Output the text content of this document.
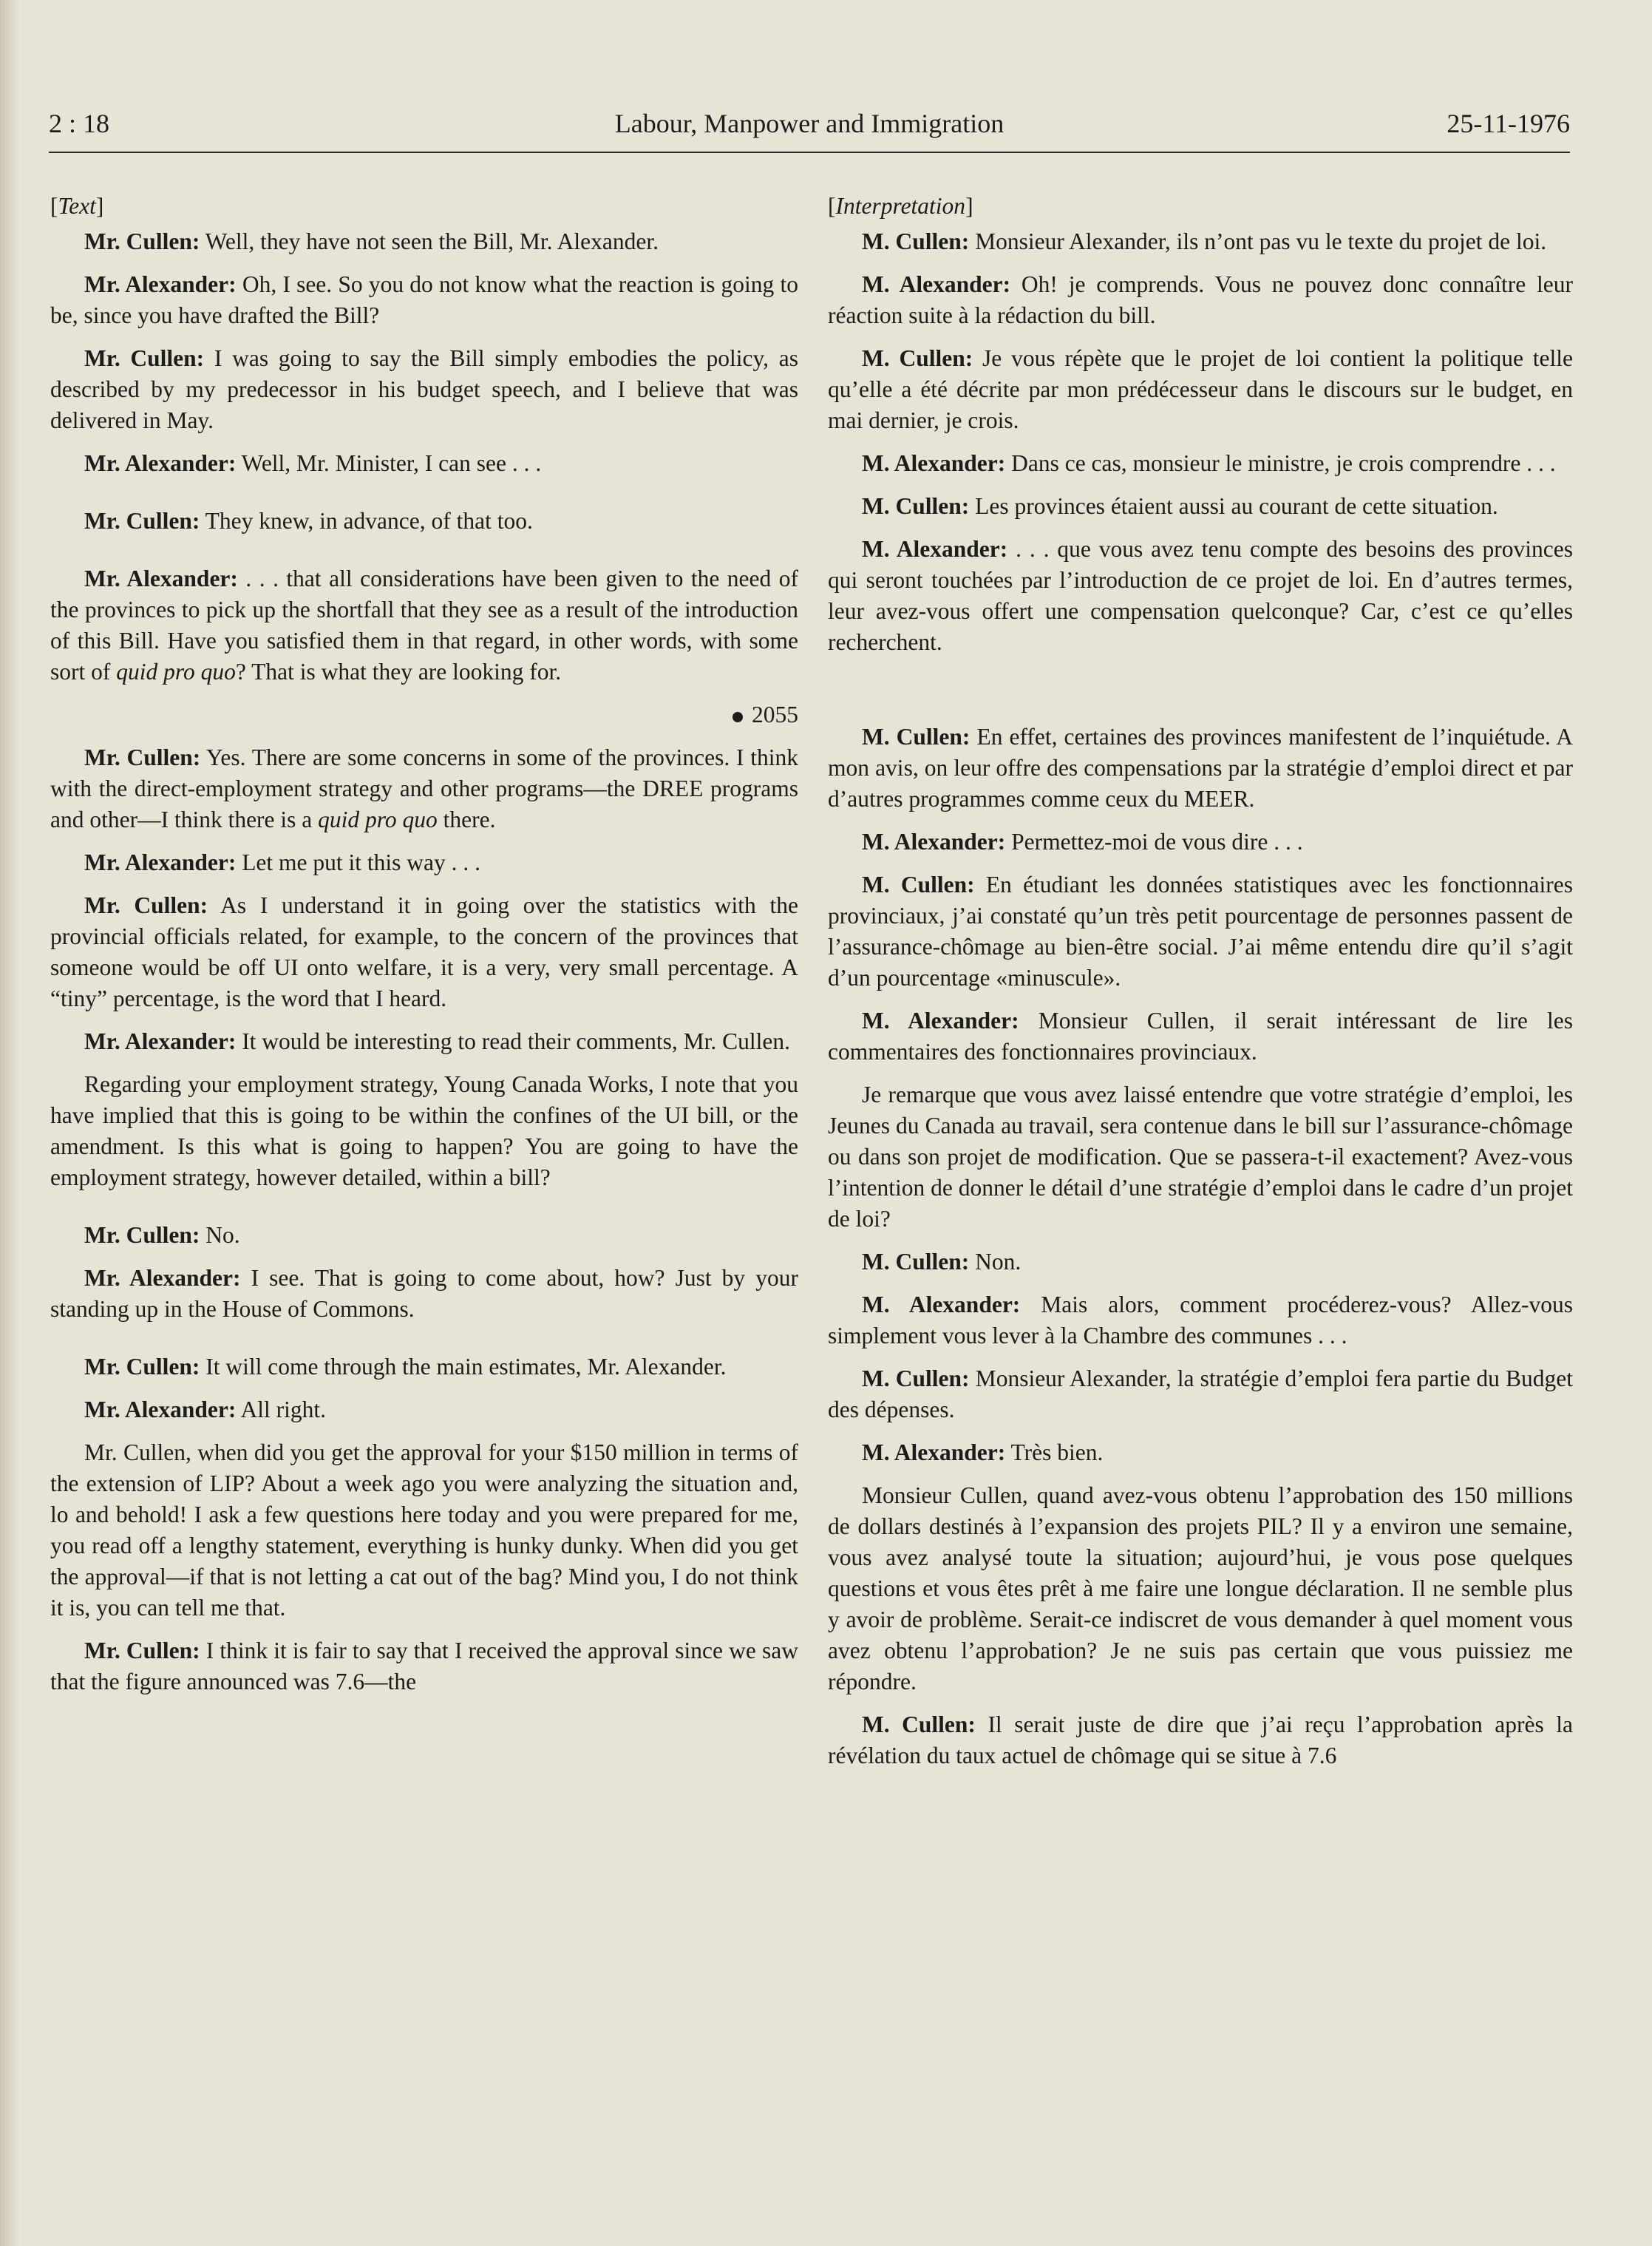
Labour, Manpower and Immigration
2 : 18	25-11-1976

[Text]

Mr. Cullen: Well, they have not seen the Bill, Mr. Alexander.

Mr. Alexander: Oh, I see. So you do not know what the reaction is going to be, since you have drafted the Bill?

Mr. Cullen: I was going to say the Bill simply embodies the policy, as described by my predecessor in his budget speech, and I believe that was delivered in May.

Mr. Alexander: Well, Mr. Minister, I can see . . .

Mr. Cullen: They knew, in advance, of that too.

Mr. Alexander: . . . that all considerations have been given to the need of the provinces to pick up the shortfall that they see as a result of the introduction of this Bill. Have you satisfied them in that regard, in other words, with some sort of quid pro quo? That is what they are looking for.

2055

Mr. Cullen: Yes. There are some concerns in some of the provinces. I think with the direct-employment strategy and other programs—the DREE programs and other—I think there is a quid pro quo there.

Mr. Alexander: Let me put it this way . . .

Mr. Cullen: As I understand it in going over the statistics with the provincial officials related, for example, to the concern of the provinces that someone would be off UI onto welfare, it is a very, very small percentage. A “tiny” percentage, is the word that I heard.

Mr. Alexander: It would be interesting to read their comments, Mr. Cullen.

Regarding your employment strategy, Young Canada Works, I note that you have implied that this is going to be within the confines of the UI bill, or the amendment. Is this what is going to happen? You are going to have the employment strategy, however detailed, within a bill?

Mr. Cullen: No.

Mr. Alexander: I see. That is going to come about, how? Just by your standing up in the House of Commons.

Mr. Cullen: It will come through the main estimates, Mr. Alexander.

Mr. Alexander: All right.

Mr. Cullen, when did you get the approval for your $150 million in terms of the extension of LIP? About a week ago you were analyzing the situation and, lo and behold! I ask a few questions here today and you were prepared for me, you read off a lengthy statement, everything is hunky dunky. When did you get the approval—if that is not letting a cat out of the bag? Mind you, I do not think it is, you can tell me that.

Mr. Cullen: I think it is fair to say that I received the approval since we saw that the figure announced was 7.6—the

[Interpretation]

M. Cullen: Monsieur Alexander, ils n’ont pas vu le texte du projet de loi.

M. Alexander: Oh! je comprends. Vous ne pouvez donc connaître leur réaction suite à la rédaction du bill.

M. Cullen: Je vous répète que le projet de loi contient la politique telle qu’elle a été décrite par mon prédécesseur dans le discours sur le budget, en mai dernier, je crois.

M. Alexander: Dans ce cas, monsieur le ministre, je crois comprendre . . .

M. Cullen: Les provinces étaient aussi au courant de cette situation.

M. Alexander: . . . que vous avez tenu compte des besoins des provinces qui seront touchées par l’introduction de ce projet de loi. En d’autres termes, leur avez-vous offert une compensation quelconque? Car, c’est ce qu’elles recherchent.

M. Cullen: En effet, certaines des provinces manifestent de l’inquiétude. A mon avis, on leur offre des compensations par la stratégie d’emploi direct et par d’autres programmes comme ceux du MEER.

M. Alexander: Permettez-moi de vous dire . . .

M. Cullen: En étudiant les données statistiques avec les fonctionnaires provinciaux, j’ai constaté qu’un très petit pourcentage de personnes passent de l’assurance-chômage au bien-être social. J’ai même entendu dire qu’il s’agit d’un pourcentage «minuscule».

M. Alexander: Monsieur Cullen, il serait intéressant de lire les commentaires des fonctionnaires provinciaux.

Je remarque que vous avez laissé entendre que votre stratégie d’emploi, les Jeunes du Canada au travail, sera contenue dans le bill sur l’assurance-chômage ou dans son projet de modification. Que se passera-t-il exactement? Avez-vous l’intention de donner le détail d’une stratégie d’emploi dans le cadre d’un projet de loi?

M. Cullen: Non.

M. Alexander: Mais alors, comment procéderez-vous? Allez-vous simplement vous lever à la Chambre des communes . . .

M. Cullen: Monsieur Alexander, la stratégie d’emploi fera partie du Budget des dépenses.

M. Alexander: Très bien.

Monsieur Cullen, quand avez-vous obtenu l’approbation des 150 millions de dollars destinés à l’expansion des projets PIL? Il y a environ une semaine, vous avez analysé toute la situation; aujourd’hui, je vous pose quelques questions et vous êtes prêt à me faire une longue déclaration. Il ne semble plus y avoir de problème. Serait-ce indiscret de vous demander à quel moment vous avez obtenu l’approbation? Je ne suis pas certain que vous puissiez me répondre.

M. Cullen: Il serait juste de dire que j’ai reçu l’approbation après la révélation du taux actuel de chômage qui se situe à 7.6
